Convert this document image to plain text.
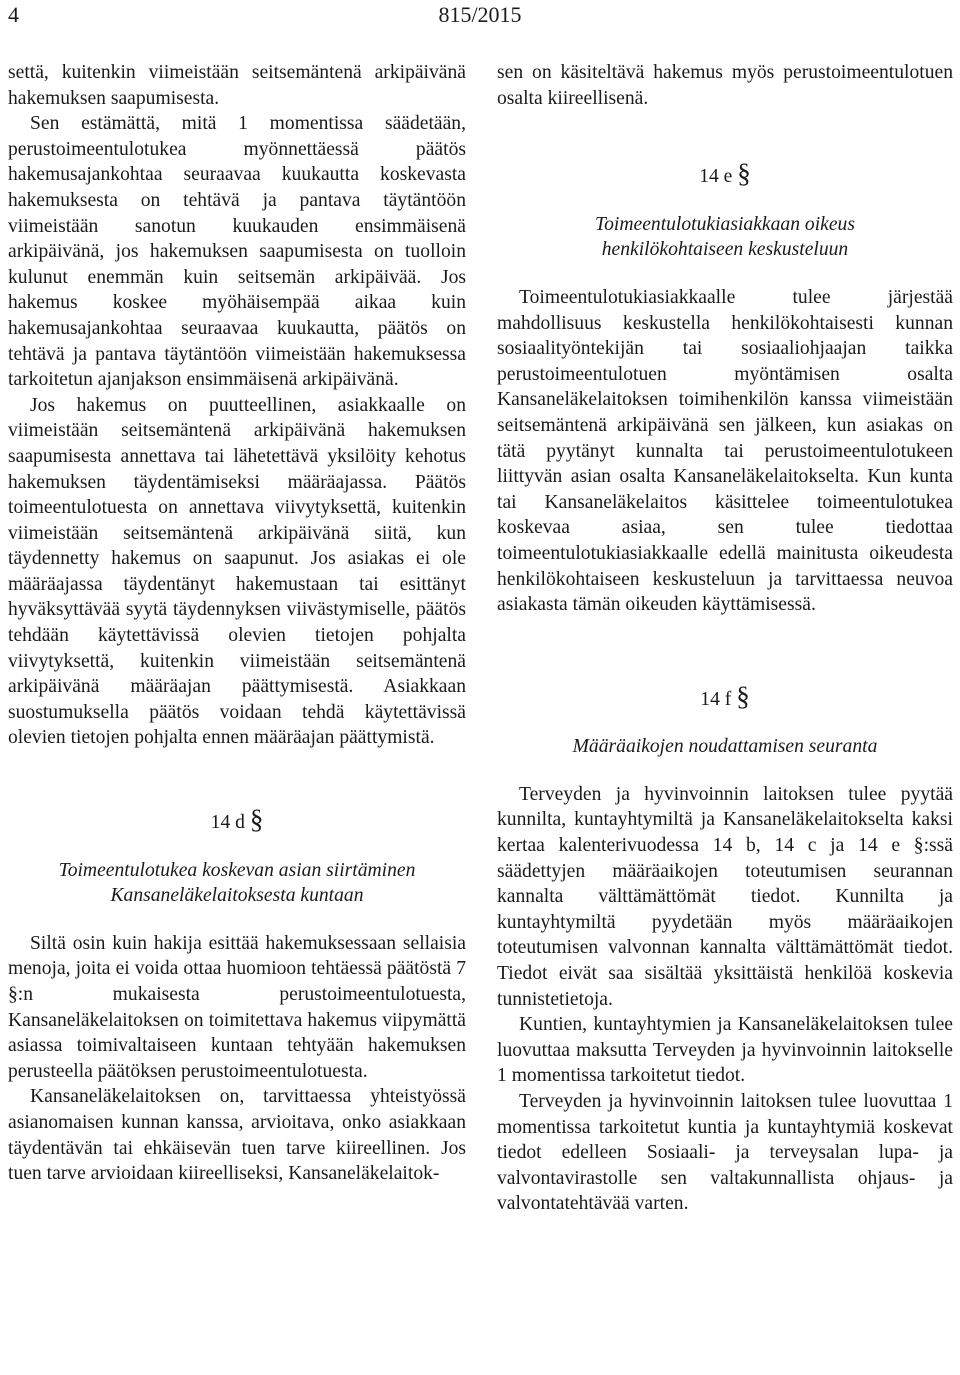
4	815/2015

settä, kuitenkin viimeistään seitsemäntenä arkipäivänä hakemuksen saapumisesta.

Sen estämättä, mitä 1 momentissa säädetään, perustoimeentulotukea myönnettäessä päätös hakemusajankohtaa seuraavaa kuukautta koskevasta hakemuksesta on tehtävä ja pantava täytäntöön viimeistään sanotun kuukauden ensimmäisenä arkipäivänä, jos hakemuksen saapumisesta on tuolloin kulunut enemmän kuin seitsemän arkipäivää. Jos hakemus koskee myöhäisempää aikaa kuin hakemusajankohtaa seuraavaa kuukautta, päätös on tehtävä ja pantava täytäntöön viimeistään hakemuksessa tarkoitetun ajanjakson ensimmäisenä arkipäivänä.

Jos hakemus on puutteellinen, asiakkaalle on viimeistään seitsemäntenä arkipäivänä hakemuksen saapumisesta annettava tai lähetettävä yksilöity kehotus hakemuksen täydentämiseksi määräajassa. Päätös toimeentulotuesta on annettava viivytyksettä, kuitenkin viimeistään seitsemäntenä arkipäivänä siitä, kun täydennetty hakemus on saapunut. Jos asiakas ei ole määräajassa täydentänyt hakemustaan tai esittänyt hyväksyttävää syytä täydennyksen viivästymiselle, päätös tehdään käytettävissä olevien tietojen pohjalta viivytyksettä, kuitenkin viimeistään seitsemäntenä arkipäivänä määräajan päättymisestä. Asiakkaan suostumuksella päätös voidaan tehdä käytettävissä olevien tietojen pohjalta ennen määräajan päättymistä.

14 d §

Toimeentulotukea koskevan asian siirtäminen

Kansaneläkelaitoksesta kuntaan

Siltä osin kuin hakija esittää hakemuksessaan sellaisia menoja, joita ei voida ottaa huomioon tehtäessä päätöstä 7 §:n mukaisesta perustoimeentulotuesta, Kansaneläkelaitoksen on toimitettava hakemus viipymättä asiassa toimivaltaiseen kuntaan tehtyään hakemuksen perusteella päätöksen perustoimeentulotuesta.

Kansaneläkelaitoksen on, tarvittaessa yhteistyössä asianomaisen kunnan kanssa, arvioitava, onko asiakkaan täydentävän tai ehkäisevän tuen tarve kiireellinen. Jos tuen tarve arvioidaan kiireelliseksi, Kansaneläkelaitok-

sen on käsiteltävä hakemus myös perustoimeentulotuen osalta kiireellisenä.

14 e §

Toimeentulotukiasiakkaan oikeus

henkilökohtaiseen keskusteluun

Toimeentulotukiasiakkaalle tulee järjestää mahdollisuus keskustella henkilökohtaisesti kunnan sosiaalityöntekijän tai sosiaaliohjaajan taikka perustoimeentulotuen myöntämisen osalta Kansaneläkelaitoksen toimihenkilön kanssa viimeistään seitsemäntenä arkipäivänä sen jälkeen, kun asiakas on tätä pyytänyt kunnalta tai perustoimeentulotukeen liittyvän asian osalta Kansaneläkelaitokselta. Kun kunta tai Kansaneläkelaitos käsittelee toimeentulotukea koskevaa asiaa, sen tulee tiedottaa toimeentulotukiasiakkaalle edellä mainitusta oikeudesta henkilökohtaiseen keskusteluun ja tarvittaessa neuvoa asiakasta tämän oikeuden käyttämisessä.

14 f §

Määräaikojen noudattamisen seuranta

Terveyden ja hyvinvoinnin laitoksen tulee pyytää kunnilta, kuntayhtymiltä ja Kansaneläkelaitokselta kaksi kertaa kalenterivuodessa 14 b, 14 c ja 14 e §:ssä säädettyjen määräaikojen toteutumisen seurannan kannalta välttämättömät tiedot. Kunnilta ja kuntayhtymiltä pyydetään myös määräaikojen toteutumisen valvonnan kannalta välttämättömät tiedot. Tiedot eivät saa sisältää yksittäistä henkilöä koskevia tunnistetietoja.

Kuntien, kuntayhtymien ja Kansaneläkelaitoksen tulee luovuttaa maksutta Terveyden ja hyvinvoinnin laitokselle 1 momentissa tarkoitetut tiedot.

Terveyden ja hyvinvoinnin laitoksen tulee luovuttaa 1 momentissa tarkoitetut kuntia ja kuntayhtymiä koskevat tiedot edelleen Sosiaali- ja terveysalan lupa- ja valvontavirastolle sen valtakunnallista ohjaus- ja valvontatehtävää varten.
